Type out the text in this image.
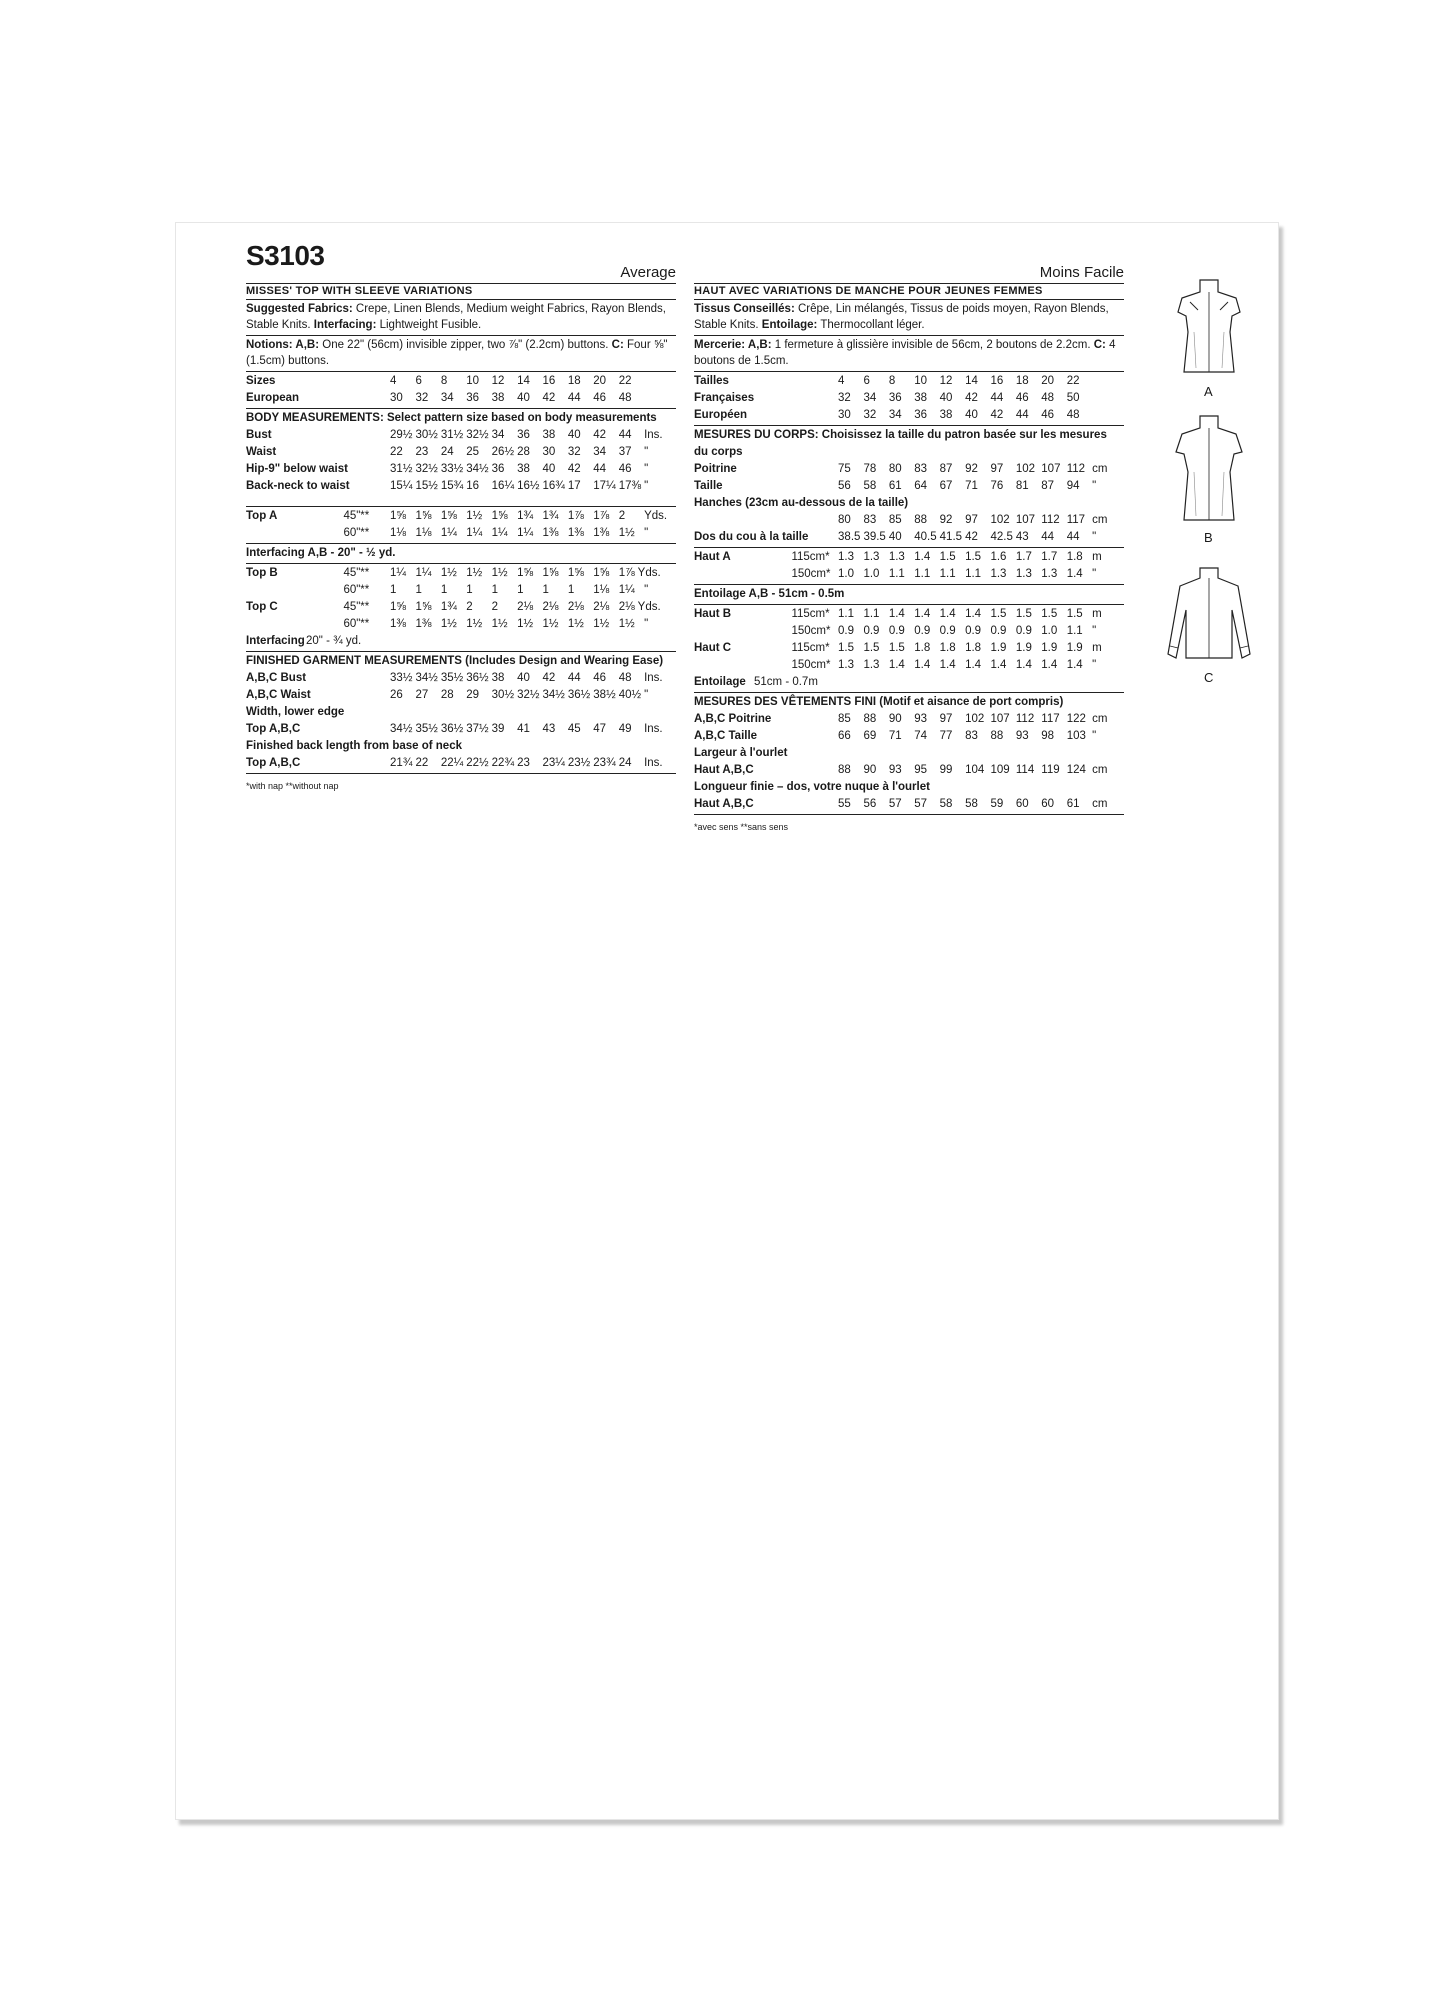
S3103
Average
MISSES' TOP WITH SLEEVE VARIATIONS
Suggested Fabrics: Crepe, Linen Blends, Medium weight Fabrics, Rayon Blends, Stable Knits. Interfacing: Lightweight Fusible.
Notions: A,B: One 22" (56cm) invisible zipper, two ⅞" (2.2cm) buttons. C: Four ⅝" (1.5cm) buttons.
Sizes		4	6	8	10	12	14	16	18	20	22	
European		30	32	34	36	38	40	42	44	46	48	
BODY MEASUREMENTS: Select pattern size based on body measurements
Bust		29½	30½	31½	32½	34	36	38	40	42	44	Ins.
Waist		22	23	24	25	26½	28	30	32	34	37	"
Hip-9" below waist		31½	32½	33½	34½	36	38	40	42	44	46	"
Back-neck to waist		15¼	15½	15¾	16	16¼	16½	16¾	17	17¼	17⅜	"
Top A	45"**	1⅝	1⅝	1⅝	1½	1⅝	1¾	1¾	1⅞	1⅞	2	Yds.
	60"**	1⅛	1⅛	1¼	1¼	1¼	1¼	1⅜	1⅜	1⅜	1½	"
Interfacing A,B - 20" - ½ yd.
Top B	45"**	1¼	1¼	1½	1½	1½	1⅝	1⅝	1⅝	1⅝	1⅞ Yds.	
	60"**	1	1	1	1	1	1	1	1	1⅛	1¼	"
Top C	45"**	1⅝	1⅝	1¾	2	2	2⅛	2⅛	2⅛	2⅛	2⅛ Yds.	
	60"**	1⅜	1⅜	1½	1½	1½	1½	1½	1½	1½	1½	"
Interfacing	20" - ¾ yd.
FINISHED GARMENT MEASUREMENTS (Includes Design and Wearing Ease)
A,B,C Bust		33½	34½	35½	36½	38	40	42	44	46	48	Ins.
A,B,C Waist		26	27	28	29	30½	32½	34½	36½	38½	40½	"
Width, lower edge												
Top A,B,C		34½	35½	36½	37½	39	41	43	45	47	49	Ins.
Finished back length from base of neck												
Top A,B,C		21¾	22	22¼	22½	22¾	23	23¼	23½	23¾	24	Ins.
*with nap **without nap
Moins Facile
HAUT AVEC VARIATIONS DE MANCHE POUR JEUNES FEMMES
Tissus Conseillés: Crêpe, Lin mélangés, Tissus de poids moyen, Rayon Blends, Stable Knits. Entoilage: Thermocollant léger.
Mercerie: A,B: 1 fermeture à glissière invisible de 56cm, 2 boutons de 2.2cm. C: 4 boutons de 1.5cm.
Tailles		4	6	8	10	12	14	16	18	20	22	
Françaises		32	34	36	38	40	42	44	46	48	50	
Européen		30	32	34	36	38	40	42	44	46	48	
MESURES DU CORPS: Choisissez la taille du patron basée sur les mesures du corps
Poitrine		75	78	80	83	87	92	97	102	107	112	cm
Taille		56	58	61	64	67	71	76	81	87	94	"
Hanches (23cm au-dessous de la taille)												
		80	83	85	88	92	97	102	107	112	117	cm
Dos du cou à la taille		38.5	39.5	40	40.5	41.5	42	42.5	43	44	44	"
Haut A	115cm*	1.3	1.3	1.3	1.4	1.5	1.5	1.6	1.7	1.7	1.8	m
	150cm*	1.0	1.0	1.1	1.1	1.1	1.1	1.3	1.3	1.3	1.4	"
Entoilage A,B - 51cm - 0.5m
Haut B	115cm*	1.1	1.1	1.4	1.4	1.4	1.4	1.5	1.5	1.5	1.5	m
	150cm*	0.9	0.9	0.9	0.9	0.9	0.9	0.9	0.9	1.0	1.1	"
Haut C	115cm*	1.5	1.5	1.5	1.8	1.8	1.8	1.9	1.9	1.9	1.9	m
	150cm*	1.3	1.3	1.4	1.4	1.4	1.4	1.4	1.4	1.4	1.4	"
Entoilage	51cm - 0.7m
MESURES DES VÊTEMENTS FINI (Motif et aisance de port compris)
A,B,C Poitrine		85	88	90	93	97	102	107	112	117	122	cm
A,B,C Taille		66	69	71	74	77	83	88	93	98	103	"
Largeur à l'ourlet												
Haut A,B,C		88	90	93	95	99	104	109	114	119	124	cm
Longueur finie – dos, votre nuque à l'ourlet												
Haut A,B,C		55	56	57	57	58	58	59	60	60	61	cm
*avec sens **sans sens
A
B
C
